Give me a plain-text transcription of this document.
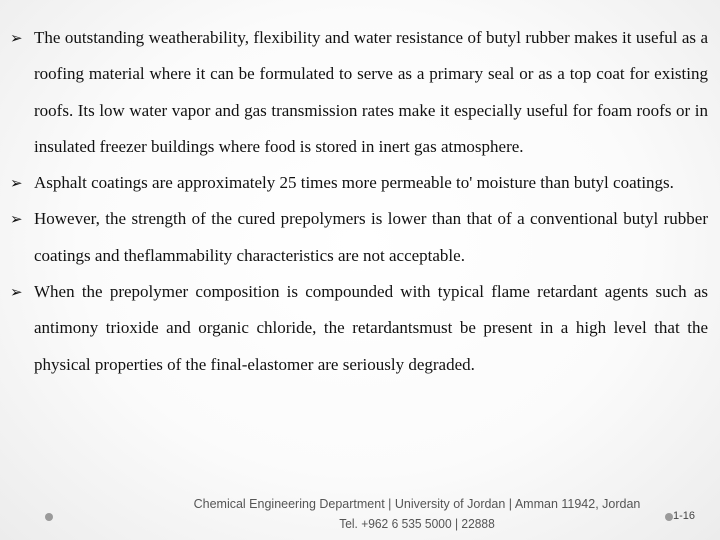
➢ The outstanding weatherability, flexibility and water resistance of butyl rubber makes it useful as a roofing material where it can be formulated to serve as a primary seal or as a top coat for existing roofs. Its low water vapor and gas transmission rates make it especially useful for foam roofs or in insulated freezer buildings where food is stored in inert gas atmosphere.
➢ Asphalt coatings are approximately 25 times more permeable to' moisture than butyl coatings.
➢ However, the strength of the cured prepolymers is lower than that of a conventional butyl rubber coatings and theflammability characteristics are not acceptable.
➢ When the prepolymer composition is compounded with typical flame retardant agents such as antimony trioxide and organic chloride, the retardantsmust be present in a high level that the physical properties of the final-elastomer are seriously degraded.
Chemical Engineering Department | University of Jordan | Amman 11942, Jordan
Tel. +962 6 535 5000 | 22888
1-16
